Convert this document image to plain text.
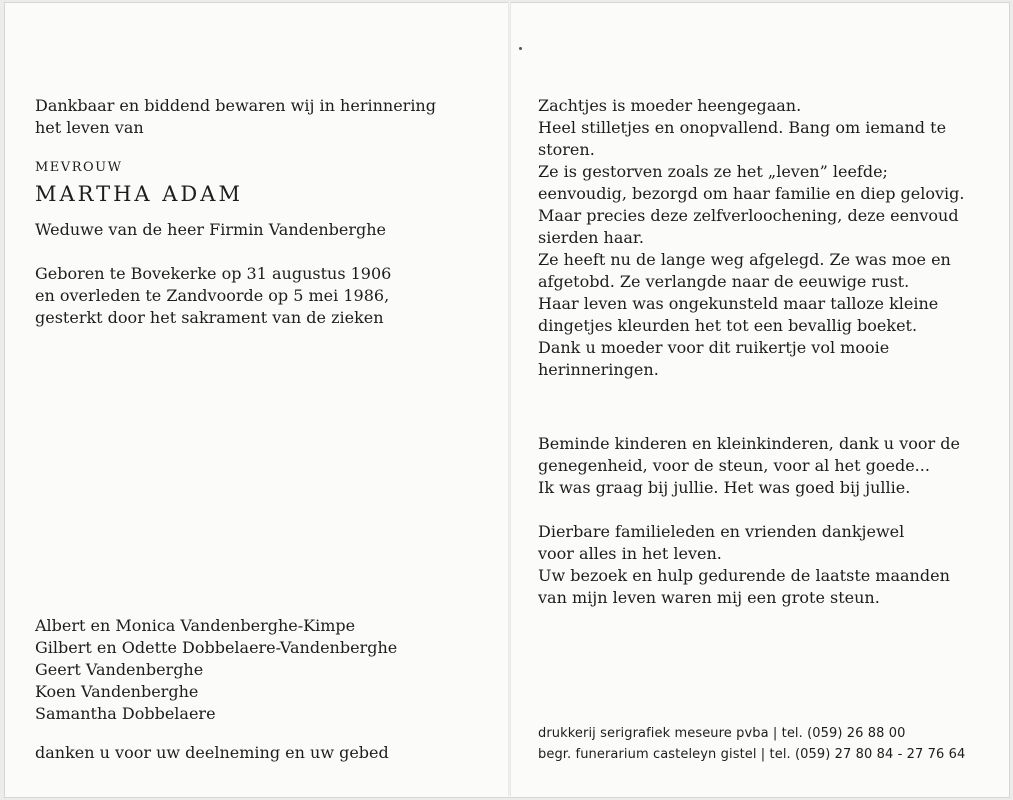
Dankbaar en biddend bewaren wij in herinnering
het leven van
MEVROUW
MARTHA ADAM
Weduwe van de heer Firmin Vandenberghe
Geboren te Bovekerke op 31 augustus 1906
en overleden te Zandvoorde op 5 mei 1986,
gesterkt door het sakrament van de zieken
Albert en Monica Vandenberghe-Kimpe
Gilbert en Odette Dobbelaere-Vandenberghe
Geert Vandenberghe
Koen Vandenberghe
Samantha Dobbelaere
danken u voor uw deelneming en uw gebed
Zachtjes is moeder heengegaan.
Heel stilletjes en onopvallend. Bang om iemand te
storen.
Ze is gestorven zoals ze het „leven” leefde;
eenvoudig, bezorgd om haar familie en diep gelovig.
Maar precies deze zelfverloochening, deze eenvoud
sierden haar.
Ze heeft nu de lange weg afgelegd. Ze was moe en
afgetobd. Ze verlangde naar de eeuwige rust.
Haar leven was ongekunsteld maar talloze kleine
dingetjes kleurden het tot een bevallig boeket.
Dank u moeder voor dit ruikertje vol mooie
herinneringen.
Beminde kinderen en kleinkinderen, dank u voor de
genegenheid, voor de steun, voor al het goede...
Ik was graag bij jullie. Het was goed bij jullie.
Dierbare familieleden en vrienden dankjewel
voor alles in het leven.
Uw bezoek en hulp gedurende de laatste maanden
van mijn leven waren mij een grote steun.
drukkerij serigrafiek meseure pvba | tel. (059) 26 88 00
begr. funerarium casteleyn gistel | tel. (059) 27 80 84 - 27 76 64
